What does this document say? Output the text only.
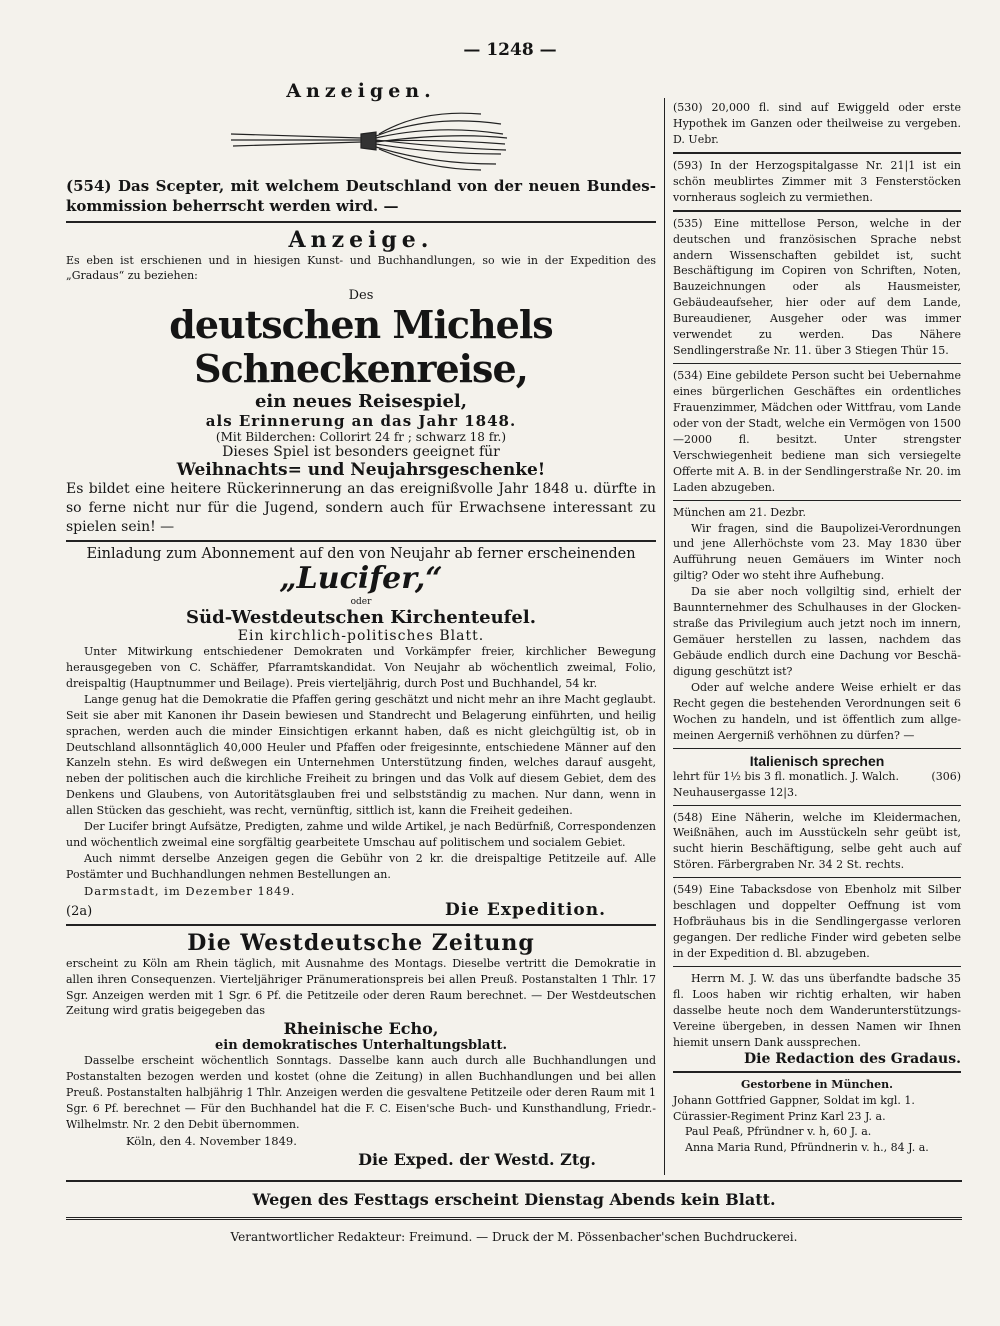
— 1248 —
Anzeigen.

(554) Das Scepter, mit welchem Deutschland von der neuen Bundeskommission beherrscht werden wird. —

Anzeige.

Es eben ist erschienen und in hiesigen Kunst- und Buchhandlungen, so wie in der Expedition des „Gradaus“ zu beziehen:

Des

deutschen Michels Schneckenreise,

ein neues Reisespiel,

als Erinnerung an das Jahr 1848.

(Mit Bilderchen: Collorirt 24 fr ; schwarz 18 fr.)

Dieses Spiel ist besonders geeignet für

Weihnachts= und Neujahrsgeschenke!

Es bildet eine heitere Rückerinnerung an das ereignißvolle Jahr 1848 u. dürfte in so ferne nicht nur für die Jugend, sondern auch für Erwachsene interessant zu spielen sein! —

Einladung zum Abonnement auf den von Neujahr ab ferner erscheinenden

„Lucifer,“

oder

Süd-Westdeutschen Kirchenteufel.

Ein kirchlich-politisches Blatt.

Unter Mitwirkung entschiedener Demokraten und Vorkämpfer freier, kirchlicher Bewegung herausgegeben von C. Schäffer, Pfarramtskandidat. Von Neujahr ab wöchentlich zweimal, Folio, dreispaltig (Hauptnummer und Beilage). Preis vierteljährig, durch Post und Buchhandel, 54 kr.

Lange genug hat die Demokratie die Pfaffen gering geschätzt und nicht mehr an ihre Macht geglaubt. Seit sie aber mit Kanonen ihr Dasein bewiesen und Standrecht und Belagerung einführten, und heilig sprachen, werden auch die minder Einsichtigen erkannt haben, daß es nicht gleichgültig ist, ob in Deutschland allsonntäglich 40,000 Heuler und Pfaffen oder freigesinnte, entschiedene Männer auf den Kanzeln stehn. Es wird deßwegen ein Unternehmen Unterstützung finden, welches darauf ausgeht, neben der politischen auch die kirchliche Freiheit zu bringen und das Volk auf diesem Gebiet, dem des Denkens und Glaubens, von Autoritätsglauben frei und selbstständig zu machen. Nur dann, wenn in allen Stücken das geschieht, was recht, vernünftig, sittlich ist, kann die Freiheit gedeihen.

Der Lucifer bringt Aufsätze, Predigten, zahme und wilde Artikel, je nach Bedürfniß, Correspondenzen und wöchentlich zweimal eine sorgfältig gearbeitete Umschau auf politischem und socialem Gebiet.

Auch nimmt derselbe Anzeigen gegen die Gebühr von 2 kr. die dreispaltige Petitzeile auf. Alle Postämter und Buchhandlungen nehmen Bestellungen an.

Darmstadt, im Dezember 1849.

(2a)	Die Expedition.

Die Westdeutsche Zeitung

erscheint zu Köln am Rhein täglich, mit Ausnahme des Montags. Dieselbe vertritt die Demokratie in allen ihren Consequenzen. Vierteljähriger Pränumerationspreis bei allen Preuß. Postanstalten 1 Thlr. 17 Sgr. Anzeigen werden mit 1 Sgr. 6 Pf. die Petitzeile oder deren Raum berechnet. — Der Westdeutschen Zeitung wird gratis beigegeben das

Rheinische Echo,

ein demokratisches Unterhaltungsblatt.

Dasselbe erscheint wöchentlich Sonntags. Dasselbe kann auch durch alle Buchhandlungen und Postanstalten bezogen werden und kostet (ohne die Zeitung) in allen Buchhandlungen und bei allen Preuß. Postanstalten halbjährig 1 Thlr. Anzeigen werden die gesvaltene Petitzeile oder deren Raum mit 1 Sgr. 6 Pf. berechnet — Für den Buchhandel hat die F. C. Eisen'sche Buch- und Kunsthandlung, Friedr.-Wilhelmstr. Nr. 2 den Debit übernommen.

Köln, den 4. November 1849.

Die Exped. der Westd. Ztg.

(530) 20,000 fl. sind auf Ewiggeld oder erste Hypothek im Ganzen oder theilweise zu vergeben. D. Uebr.

(593) In der Herzogspitalgasse Nr. 21|1 ist ein schön meublirtes Zimmer mit 3 Fensterstöcken vornheraus sogleich zu vermiethen.

(535) Eine mittellose Person, welche in der deutschen und französischen Sprache nebst andern Wissenschaften gebildet ist, sucht Beschäftigung im Copiren von Schriften, Noten, Bauzeichnungen oder als Hausmeister, Gebäudeaufseher, hier oder auf dem Lande, Bureaudiener, Ausgeher oder was immer verwendet zu werden. Das Nähere Sendlingerstraße Nr. 11. über 3 Stiegen Thür 15.

(534) Eine gebildete Person sucht bei Uebernahme eines bürgerlichen Geschäftes ein ordentliches Frauenzimmer, Mädchen oder Wittfrau, vom Lande oder von der Stadt, welche ein Vermögen von 1500—2000 fl. besitzt. Unter strengster Verschwiegenheit bediene man sich versiegelte Offerte mit A. B. in der Sendlingerstraße Nr. 20. im Laden abzugeben.

München am 21. Dezbr.

Wir fragen, sind die Baupolizei-Verordnungen und jene Allerhöchste vom 23. May 1830 über Aufführung neuen Gemäuers im Winter noch giltig? Oder wo steht ihre Aufhebung.

Da sie aber noch vollgiltig sind, erhielt der Baunnternehmer des Schulhauses in der Glockenstraße das Privilegium auch jetzt noch im innern, Gemäuer herstellen zu lassen, nachdem das Gebäude endlich durch eine Dachung vor Beschädigung geschützt ist?

Oder auf welche andere Weise erhielt er das Recht gegen die bestehenden Verordnungen seit 6 Wochen zu handeln, und ist öffentlich zum allgemeinen Aergerniß verhöhnen zu dürfen? —

Italienisch sprechen

lehrt für 1½ bis 3 fl. monatlich. J. Walch. Neuhausergasse 12|3.
(306)

(548) Eine Näherin, welche im Kleidermachen, Weißnähen, auch im Ausstückeln sehr geübt ist, sucht hierin Beschäftigung, selbe geht auch auf Stören. Färbergraben Nr. 34 2 St. rechts.

(549) Eine Tabacksdose von Ebenholz mit Silber beschlagen und doppelter Oeffnung ist vom Hofbräuhaus bis in die Sendlingergasse verloren gegangen. Der redliche Finder wird gebeten selbe in der Expedition d. Bl. abzugeben.

Herrn M. J. W. das uns überfandte badsche 35 fl. Loos haben wir richtig erhalten, wir haben dasselbe heute noch dem Wanderunterstützungs-Vereine übergeben, in dessen Namen wir Ihnen hiemit unsern Dank aussprechen.

Die Redaction des Gradaus.

Gestorbene in München.

Johann Gottfried Gappner, Soldat im kgl. 1. Cürassier-Regiment Prinz Karl 23 J. a.

Paul Peaß, Pfründner v. h, 60 J. a.

Anna Maria Rund, Pfründnerin v. h., 84 J. a.

Wegen des Festtags erscheint Dienstag Abends kein Blatt.

Verantwortlicher Redakteur: Freimund. — Druck der M. Pössenbacher'schen Buchdruckerei.
